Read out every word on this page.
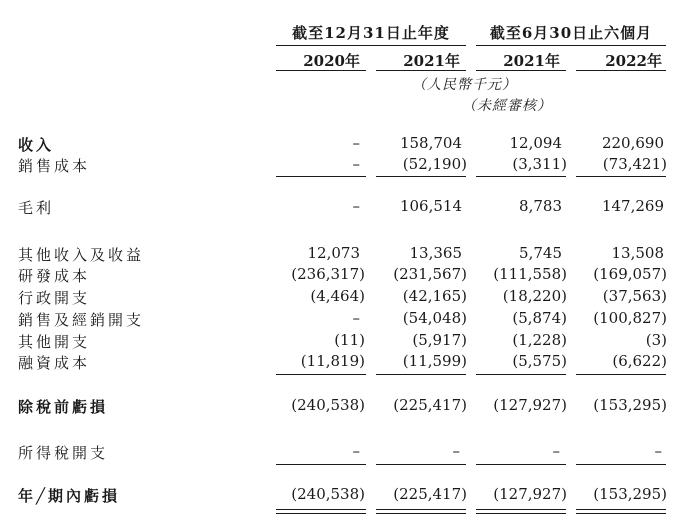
截至12月31日止年度	截至6月30日止六個月
2020年	2021年	2021年	2022年
（人民幣千元）
（未經審核）
收入	–	158,704	12,094	220,690
銷售成本	–	(52,190)	(3,311) (73,421)
毛利	–	106,514	8,783	147,269
其他收入及收益	12,073	13,365	5,745	13,508
研發成本	(236,317) (231,567) (111,558) (169,057)
行政開支	(4,464)	(42,165) (18,220) (37,563)
銷售及經銷開支	–	(54,048)	(5,874) (100,827)
其他開支	(11)	(5,917)	(1,228)	(3)
融資成本	(11,819)	(11,599)	(5,575)	(6,622)
除稅前虧損	(240,538) (225,417) (127,927) (153,295)
所得稅開支	–	–	–	–
年╱期內虧損	(240,538) (225,417) (127,927) (153,295)
